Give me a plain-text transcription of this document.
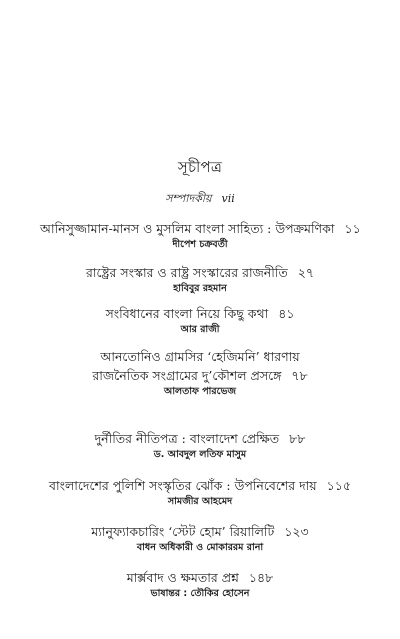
সূচীপত্র
সম্পাদকীয় vii
আনিসুজ্জামান-মানস ও মুসলিম বাংলা সাহিত্য : উপক্রমণিকা ১১
দীপেশ চক্রবর্তী
রাষ্ট্রের সংস্কার ও রাষ্ট্র সংস্কারের রাজনীতি ২৭
হাবিবুর রহমান
সংবিধানের বাংলা নিয়ে কিছু কথা ৪১
আর রাজী
আনতোনিও গ্রামসির ‘হেজিমনি’ ধারণায়
রাজনৈতিক সংগ্রামের দু’কৌশল প্রসঙ্গে ৭৮
আলতাফ পারভেজ
দুর্নীতির নীতিপত্র : বাংলাদেশ প্রেক্ষিত ৮৮
ড. আবদুল লতিফ মাসুম
বাংলাদেশের পুলিশি সংস্কৃতির ঝোঁক : উপনিবেশের দায় ১১৫
সামজীর আহমেদ
ম্যানুফ্যাকচারিং ‘স্টেট হোম’ রিয়ালিটি ১২৩
বাধন অধিকারী ও মোকাররম রানা
মার্ক্সবাদ ও ক্ষমতার প্রশ্ন ১৪৮
ভাষান্তর : তৌকির হোসেন
